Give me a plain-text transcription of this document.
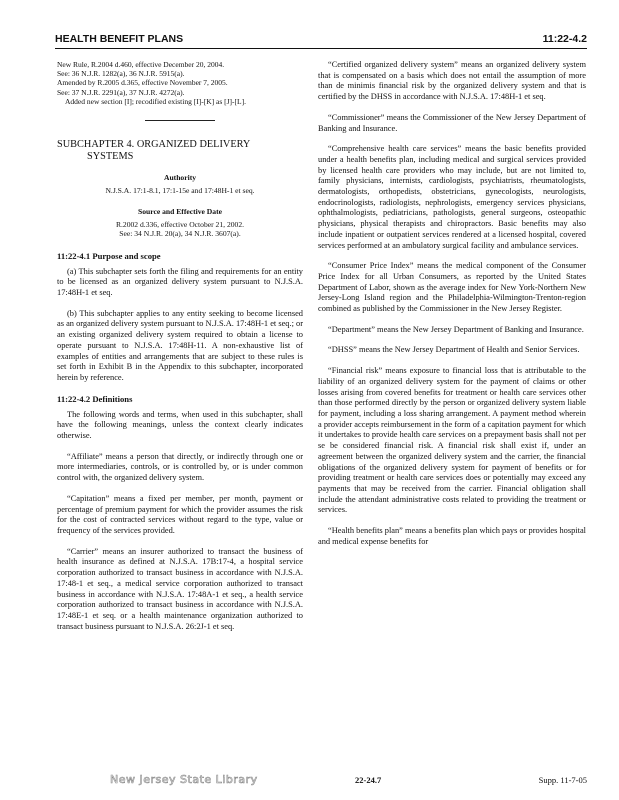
HEALTH BENEFIT PLANS	11:22-4.2

New Rule, R.2004 d.460, effective December 20, 2004.

See: 36 N.J.R. 1282(a), 36 N.J.R. 5915(a).

Amended by R.2005 d.365, effective November 7, 2005.

See: 37 N.J.R. 2291(a), 37 N.J.R. 4272(a).

Added new section [I]; recodified existing [I]-[K] as [J]-[L].

SUBCHAPTER 4. ORGANIZED DELIVERY
SYSTEMS
Authority
N.J.S.A. 17:1-8.1, 17:1-15e and 17:48H-1 et seq.
Source and Effective Date
R.2002 d.336, effective October 21, 2002.
See: 34 N.J.R. 20(a), 34 N.J.R. 3607(a).
11:22-4.1 Purpose and scope

(a) This subchapter sets forth the filing and requirements for an entity to be licensed as an organized delivery system pursuant to N.J.S.A. 17:48H-1 et seq.

(b) This subchapter applies to any entity seeking to become licensed as an organized delivery system pursuant to N.J.S.A. 17:48H-1 et seq.; or an existing organized delivery system required to obtain a license to operate pursuant to N.J.S.A. 17:48H-11. A non-exhaustive list of examples of entities and arrangements that are subject to these rules is set forth in Exhibit B in the Appendix to this subchapter, incorporated herein by reference.

11:22-4.2 Definitions

The following words and terms, when used in this subchapter, shall have the following meanings, unless the context clearly indicates otherwise.

“Affiliate” means a person that directly, or indirectly through one or more intermediaries, controls, or is controlled by, or is under common control with, the organized delivery system.

“Capitation” means a fixed per member, per month, payment or percentage of premium payment for which the provider assumes the risk for the cost of contracted services without regard to the type, value or frequency of the services provided.

“Carrier” means an insurer authorized to transact the business of health insurance as defined at N.J.S.A. 17B:17-4, a hospital service corporation authorized to transact business in accordance with N.J.S.A. 17:48-1 et seq., a medical service corporation authorized to transact business in accordance with N.J.S.A. 17:48A-1 et seq., a health service corporation authorized to transact business in accordance with N.J.S.A. 17:48E-1 et seq. or a health maintenance organization authorized to transact business pursuant to N.J.S.A. 26:2J-1 et seq.

“Certified organized delivery system” means an organized delivery system that is compensated on a basis which does not entail the assumption of more than de minimis financial risk by the organized delivery system and that is certified by the DHSS in accordance with N.J.S.A. 17:48H-1 et seq.

“Commissioner” means the Commissioner of the New Jersey Department of Banking and Insurance.

“Comprehensive health care services” means the basic benefits provided under a health benefits plan, including medical and surgical services provided by licensed health care providers who may include, but are not limited to, family physicians, internists, cardiologists, psychiatrists, rheumatologists, dermatologists, orthopedists, obstetricians, gynecologists, neurologists, endocrinologists, radiologists, nephrologists, emergency services physicians, ophthalmologists, pediatricians, pathologists, general surgeons, osteopathic physicians, physical therapists and chiropractors. Basic benefits may also include inpatient or outpatient services rendered at a licensed hospital, covered services performed at an ambulatory surgical facility and ambulance services.

“Consumer Price Index” means the medical component of the Consumer Price Index for all Urban Consumers, as reported by the United States Department of Labor, shown as the average index for New York-Northern New Jersey-Long Island region and the Philadelphia-Wilmington-Trenton-region combined as published by the Commissioner in the New Jersey Register.

“Department” means the New Jersey Department of Banking and Insurance.

“DHSS” means the New Jersey Department of Health and Senior Services.

“Financial risk” means exposure to financial loss that is attributable to the liability of an organized delivery system for the payment of claims or other losses arising from covered benefits for treatment or health care services other than those performed directly by the person or organized delivery system liable for payment, including a loss sharing arrangement. A payment method wherein a provider accepts reimbursement in the form of a capitation payment for which it undertakes to provide health care services on a prepayment basis shall not per se be considered financial risk. A financial risk shall exist if, under an agreement between the organized delivery system and the carrier, the financial obligations of the organized delivery system for payment of benefits or for providing treatment or health care services does or potentially may exceed any payments that may be received from the carrier. Financial obligation shall include the attendant administrative costs related to providing the treatment or services.

“Health benefits plan” means a benefits plan which pays or provides hospital and medical expense benefits for

New Jersey State Library	22-24.7	Supp. 11-7-05
